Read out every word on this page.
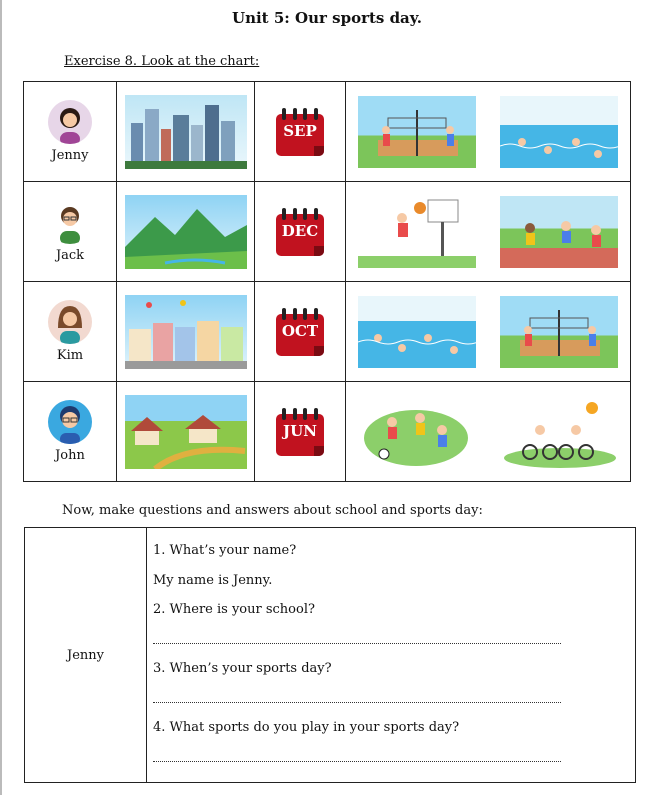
Unit 5: Our sports day.
Exercise 8. Look at the chart:
Jenny		SEP

Jack		DEC

Kim		OCT

John		JUN

Now, make questions and answers about school and sports day:
Jenny	
1. What’s your name?
My name is Jenny.
2. Where is your school?
3. When’s your sports day?
4. What sports do you play in your sports day?
